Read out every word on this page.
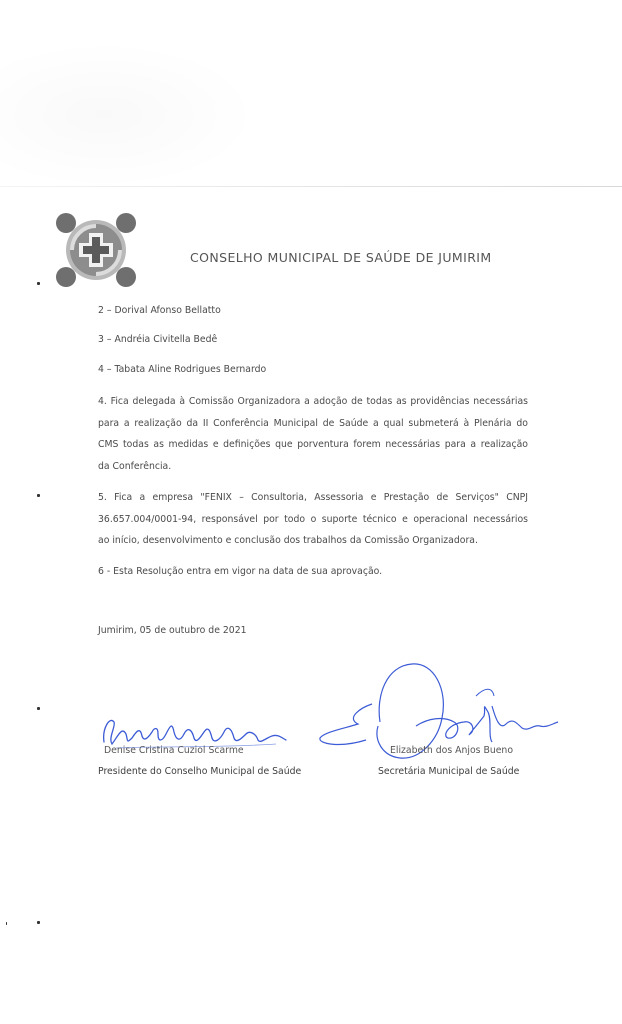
CONSELHO MUNICIPAL DE SAÚDE DE JUMIRIM
2 – Dorival Afonso Bellatto
3 – Andréia Civitella Bedê
4 – Tabata Aline Rodrigues Bernardo
4. Fica delegada à Comissão Organizadora a adoção de todas as providências necessárias
para a realização da II Conferência Municipal de Saúde a qual submeterá à Plenária do
CMS todas as medidas e definições que porventura forem necessárias para a realização
da Conferência.
5. Fica a empresa "FENIX – Consultoria, Assessoria e Prestação de Serviços" CNPJ
36.657.004/0001-94, responsável por todo o suporte técnico e operacional necessários
ao início, desenvolvimento e conclusão dos trabalhos da Comissão Organizadora.
6 - Esta Resolução entra em vigor na data de sua aprovação.
Jumirim, 05 de outubro de 2021
Denise Cristina Cuziol Scarme
Presidente do Conselho Municipal de Saúde
Elizabeth dos Anjos Bueno
Secretária Municipal de Saúde
